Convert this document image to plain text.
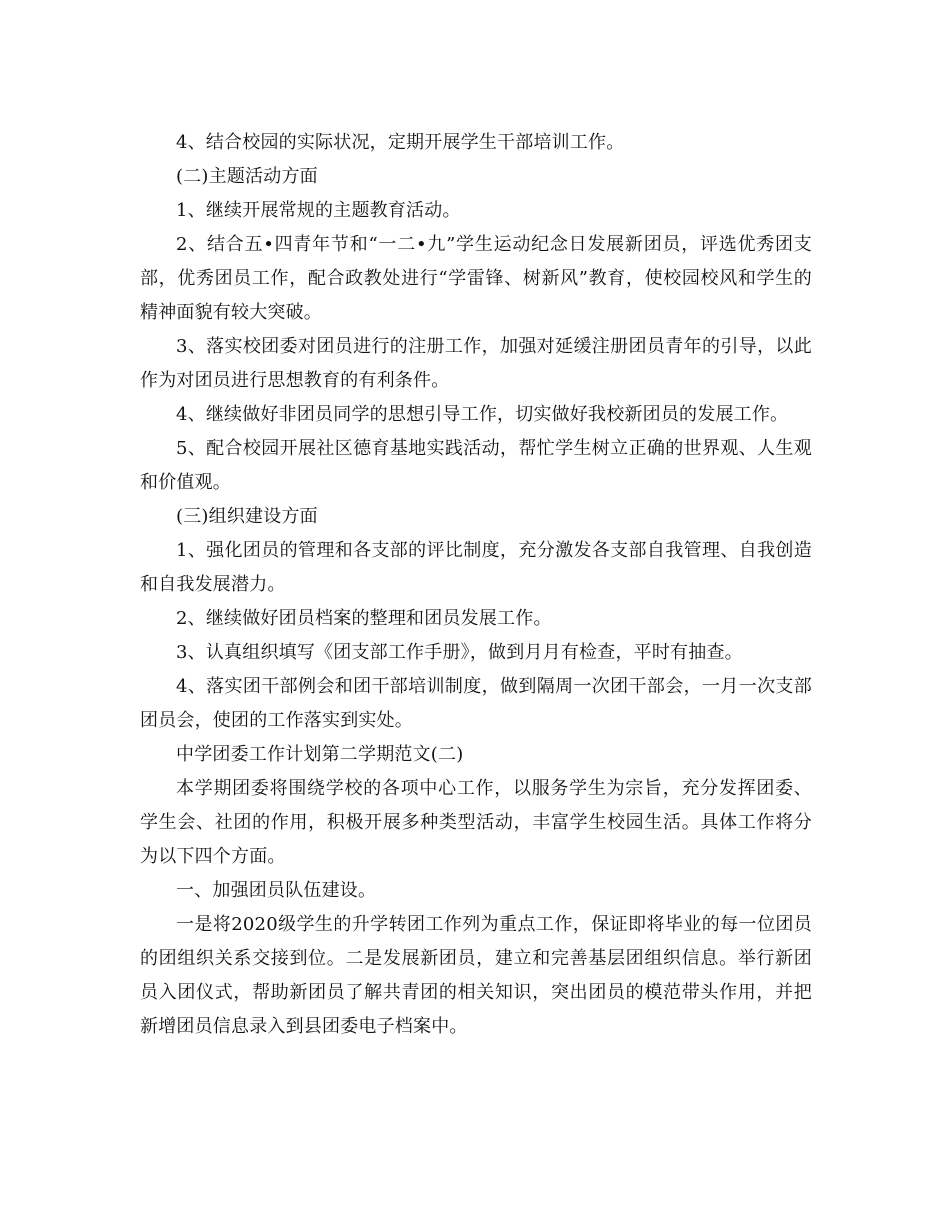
4、结合校园的实际状况，定期开展学生干部培训工作。

(二)主题活动方面

1、继续开展常规的主题教育活动。

2、结合五•四青年节和“一二•九”学生运动纪念日发展新团员，评选优秀团支部，优秀团员工作，配合政教处进行“学雷锋、树新风”教育，使校园校风和学生的精神面貌有较大突破。

3、落实校团委对团员进行的注册工作，加强对延缓注册团员青年的引导，以此作为对团员进行思想教育的有利条件。

4、继续做好非团员同学的思想引导工作，切实做好我校新团员的发展工作。

5、配合校园开展社区德育基地实践活动，帮忙学生树立正确的世界观、人生观和价值观。

(三)组织建设方面

1、强化团员的管理和各支部的评比制度，充分激发各支部自我管理、自我创造和自我发展潜力。

2、继续做好团员档案的整理和团员发展工作。

3、认真组织填写《团支部工作手册》，做到月月有检查，平时有抽查。

4、落实团干部例会和团干部培训制度，做到隔周一次团干部会，一月一次支部团员会，使团的工作落实到实处。

中学团委工作计划第二学期范文(二)

本学期团委将围绕学校的各项中心工作，以服务学生为宗旨，充分发挥团委、学生会、社团的作用，积极开展多种类型活动，丰富学生校园生活。具体工作将分为以下四个方面。

一、加强团员队伍建设。

一是将2020级学生的升学转团工作列为重点工作，保证即将毕业的每一位团员的团组织关系交接到位。二是发展新团员，建立和完善基层团组织信息。举行新团员入团仪式，帮助新团员了解共青团的相关知识，突出团员的模范带头作用，并把新增团员信息录入到县团委电子档案中。
